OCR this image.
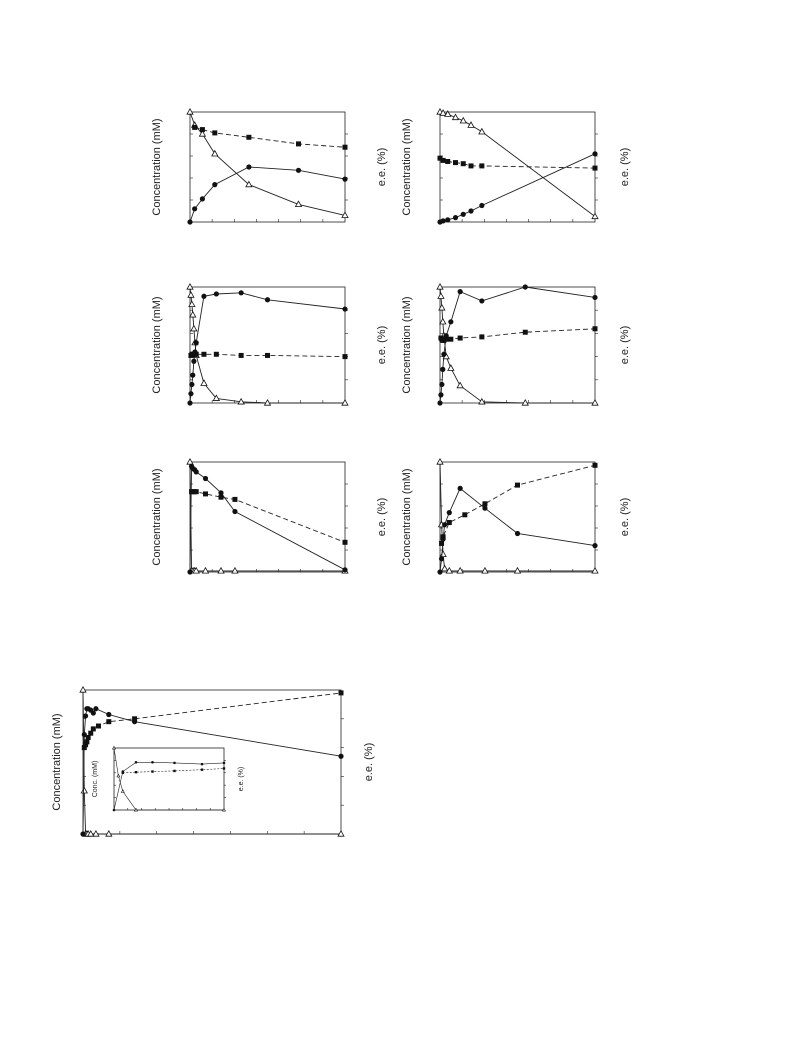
Concentration (mM)	e.e. (%) Concentration (mM)	e.e. (%)
Concentration (mM)	e.e. (%) Concentration (mM)	e.e. (%)
Concentration (mM)	e.e. (%) Concentration (mM)	e.e. (%)
Concentration (mM)	e.e. (%)
Conc. (mM)	e.e. (%)
